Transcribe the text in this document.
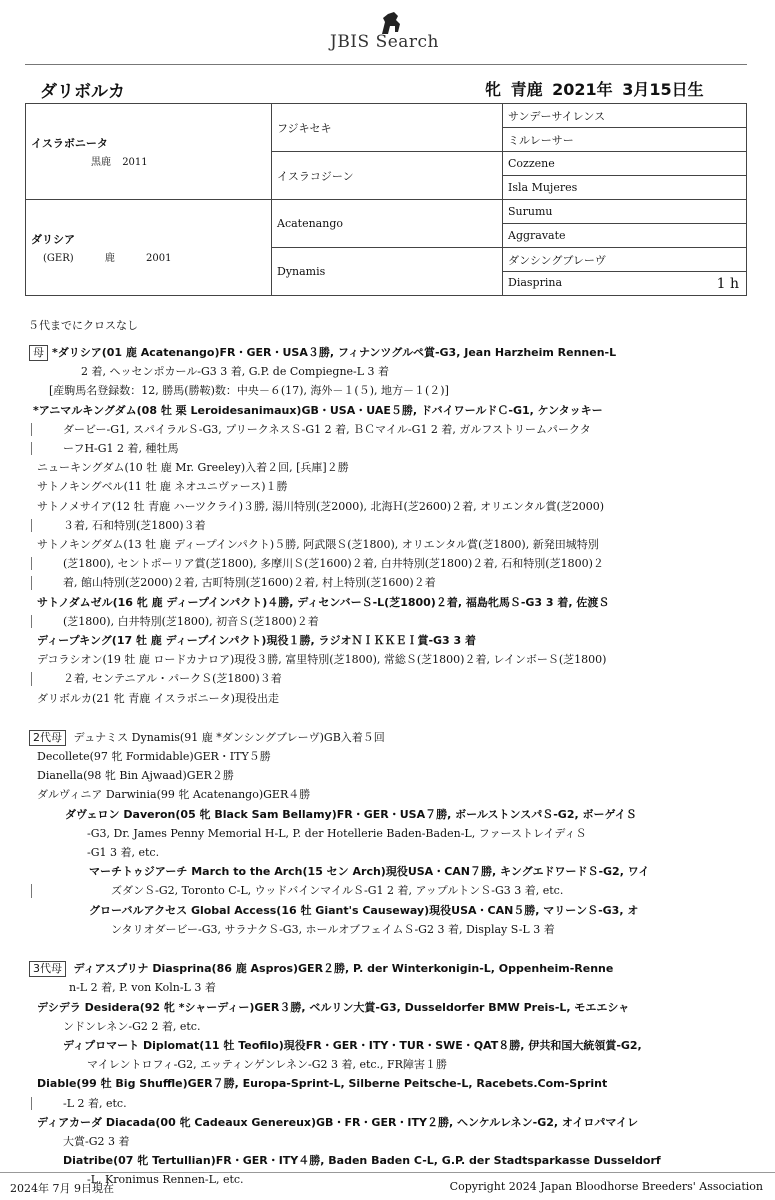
JBIS Search
ダリボルカ	牝 青鹿 2021年 3月15日生
イスラボニータ
黒鹿 2011	フジキセキ	サンデーサイレンス
		ミルレーサー
	イスラコジーン	Cozzene
		Isla Mujeres

ダリシア
(GER) 鹿 2001	Acatenango	Surumu
		Aggravate
	Dynamis	ダンシングブレーヴ
		Diasprina 1 h
５代までにクロスなし
母 *ダリシア(01 鹿 Acatenango)FR・GER・USA３勝, フィナンツグルペ賞-G3, Jean Harzheim Rennen-L
2 着, ヘッセンポカール-G3 3 着, G.P. de Compiegne-L 3 着
[産駒馬名登録数：12, 勝馬(勝鞍)数：中央－６(17), 海外－１(５), 地方－１(２)]
*アニマルキングダム(08 牡 栗 Leroidesanimaux)GB・USA・UAE５勝, ドバイワールドＣ-G1, ケンタッキー
ダービー-G1, スパイラルＳ-G3, プリークネスＳ-G1 2 着, ＢＣマイル-G1 2 着, ガルフストリームパークタ
ーフH-G1 2 着, 種牡馬
ニューキングダム(10 牡 鹿 Mr. Greeley)入着２回, [兵庫]２勝
サトノキングベル(11 牡 鹿 ネオユニヴァース)１勝
サトノメサイア(12 牡 青鹿 ハーツクライ)３勝, 湯川特別(芝2000), 北海Ｈ(芝2600)２着, オリエンタル賞(芝2000)
３着, 石和特別(芝1800)３着
サトノキングダム(13 牡 鹿 ディープインパクト)５勝, 阿武隈Ｓ(芝1800), オリエンタル賞(芝1800), 新発田城特別
(芝1800), セントポーリア賞(芝1800), 多摩川Ｓ(芝1600)２着, 白井特別(芝1800)２着, 石和特別(芝1800)２
着, 館山特別(芝2000)２着, 古町特別(芝1600)２着, 村上特別(芝1600)２着
サトノダムゼル(16 牝 鹿 ディープインパクト)４勝, ディセンバーＳ-L(芝1800)２着, 福島牝馬Ｓ-G3 3 着, 佐渡Ｓ
(芝1800), 白井特別(芝1800), 初音Ｓ(芝1800)２着
ディープキング(17 牡 鹿 ディープインパクト)現役１勝, ラジオＮＩＫＫＥＩ賞-G3 3 着
デコラシオン(19 牡 鹿 ロードカナロア)現役３勝, 富里特別(芝1800), 常総Ｓ(芝1800)２着, レインボーＳ(芝1800)
２着, センテニアル・パークＳ(芝1800)３着
ダリボルカ(21 牝 青鹿 イスラボニータ)現役出走
2代母 デュナミス Dynamis(91 鹿 *ダンシングブレーヴ)GB入着５回
Decollete(97 牝 Formidable)GER・ITY５勝
Dianella(98 牝 Bin Ajwaad)GER２勝
ダルヴィニア Darwinia(99 牝 Acatenango)GER４勝
ダヴェロン Daveron(05 牝 Black Sam Bellamy)FR・GER・USA７勝, ボールストンスパＳ-G2, ボーゲイＳ
-G3, Dr. James Penny Memorial H-L, P. der Hotellerie Baden-Baden-L, ファーストレイディＳ
-G1 3 着, etc.
マーチトゥジアーチ March to the Arch(15 セン Arch)現役USA・CAN７勝, キングエドワードＳ-G2, ワイ
ズダンＳ-G2, Toronto C-L, ウッドバインマイルＳ-G1 2 着, アップルトンＳ-G3 3 着, etc.
グローバルアクセス Global Access(16 牡 Giant's Causeway)現役USA・CAN５勝, マリーンＳ-G3, オ
ンタリオダービー-G3, サラナクＳ-G3, ホールオブフェイムＳ-G2 3 着, Display S-L 3 着
3代母 ディアスプリナ Diasprina(86 鹿 Aspros)GER２勝, P. der Winterkonigin-L, Oppenheim-Renne
n-L 2 着, P. von Koln-L 3 着
デシデラ Desidera(92 牝 *シャーディー)GER３勝, ベルリン大賞-G3, Dusseldorfer BMW Preis-L, モエエシャ
ンドンレネン-G2 2 着, etc.
ディプロマート Diplomat(11 牡 Teofilo)現役FR・GER・ITY・TUR・SWE・QAT８勝, 伊共和国大統領賞-G2,
マイレントロフィ-G2, エッティンゲンレネン-G2 3 着, etc., FR障害１勝
Diable(99 牡 Big Shuffle)GER７勝, Europa-Sprint-L, Silberne Peitsche-L, Racebets.Com-Sprint
-L 2 着, etc.
ディアカーダ Diacada(00 牝 Cadeaux Genereux)GB・FR・GER・ITY２勝, ヘンケルレネン-G2, オイロパマイレ
大賞-G2 3 着
Diatribe(07 牝 Tertullian)FR・GER・ITY４勝, Baden Baden C-L, G.P. der Stadtsparkasse Dusseldorf
-L, Kronimus Rennen-L, etc.
2024年 7月 9日現在	Copyright 2024 Japan Bloodhorse Breeders' Association
